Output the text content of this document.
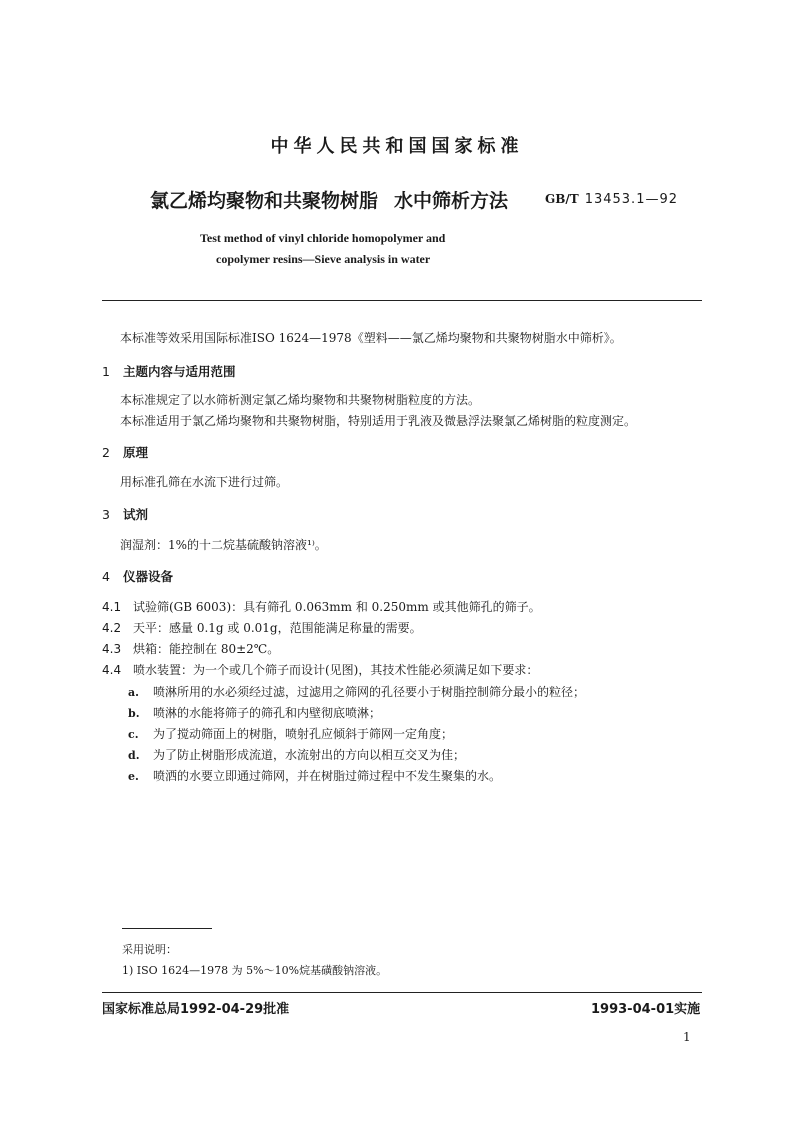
中华人民共和国国家标准
氯乙烯均聚物和共聚物树脂 水中筛析方法	GB/T 13453.1—92
Test method of vinyl chloride homopolymer and
copolymer resins—Sieve analysis in water
本标准等效采用国际标准ISO 1624—1978《塑料——氯乙烯均聚物和共聚物树脂水中筛析》。
1 主题内容与适用范围
本标准规定了以水筛析测定氯乙烯均聚物和共聚物树脂粒度的方法。
本标准适用于氯乙烯均聚物和共聚物树脂，特别适用于乳液及微悬浮法聚氯乙烯树脂的粒度测定。
2 原理
用标准孔筛在水流下进行过筛。
3 试剂
润湿剂：1%的十二烷基硫酸钠溶液¹⁾。
4 仪器设备
4.1 试验筛(GB 6003)：具有筛孔 0.063mm 和 0.250mm 或其他筛孔的筛子。
4.2 天平：感量 0.1g 或 0.01g，范围能满足称量的需要。
4.3 烘箱：能控制在 80±2℃。
4.4 喷水装置：为一个或几个筛子而设计(见图)，其技术性能必须满足如下要求：
a. 喷淋所用的水必须经过滤，过滤用之筛网的孔径要小于树脂控制筛分最小的粒径；
b. 喷淋的水能将筛子的筛孔和内壁彻底喷淋；
c. 为了搅动筛面上的树脂，喷射孔应倾斜于筛网一定角度；
d. 为了防止树脂形成流道，水流射出的方向以相互交叉为佳；
e. 喷洒的水要立即通过筛网，并在树脂过筛过程中不发生聚集的水。
采用说明：
1) ISO 1624—1978 为 5%～10%烷基磺酸钠溶液。
国家标准总局1992-04-29批准	1993-04-01实施
1
